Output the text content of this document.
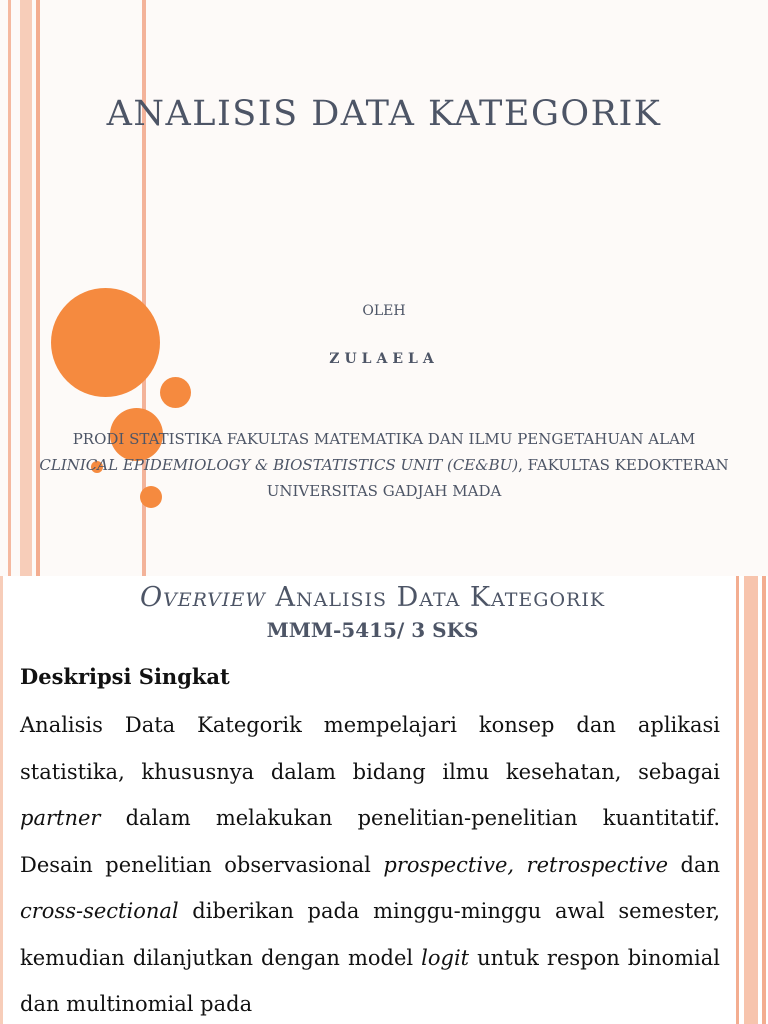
ANALISIS DATA KATEGORIK
OLEH
ZULAELA
PRODI STATISTIKA FAKULTAS MATEMATIKA DAN ILMU PENGETAHUAN ALAM
CLINICAL EPIDEMIOLOGY & BIOSTATISTICS UNIT (CE&BU), FAKULTAS KEDOKTERAN
UNIVERSITAS GADJAH MADA
Overview Analisis Data Kategorik
MMM-5415/ 3 SKS
Deskripsi Singkat

Analisis Data Kategorik mempelajari konsep dan aplikasi statistika, khususnya dalam bidang ilmu kesehatan, sebagai partner dalam melakukan penelitian-penelitian kuantitatif. Desain penelitian observasional prospective, retrospective dan cross-sectional diberikan pada minggu-minggu awal semester, kemudian dilanjutkan dengan model logit untuk respon binomial dan multinomial pada
